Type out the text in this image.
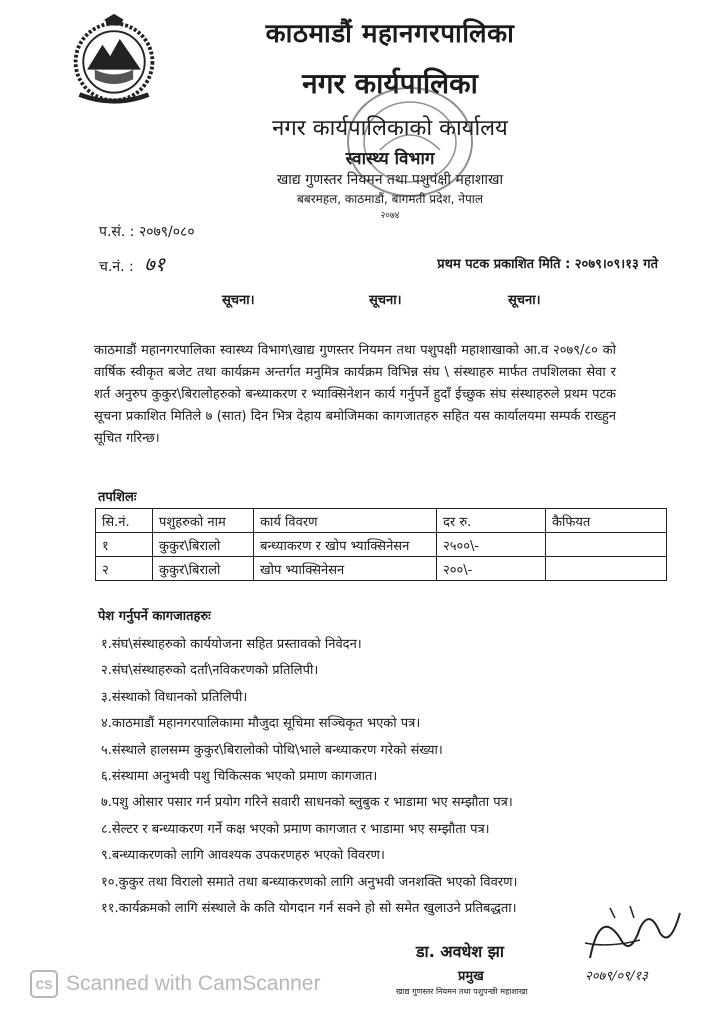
काठमाडौं महानगरपालिका
नगर कार्यपालिका
नगर कार्यपालिकाको कार्यालय
स्वास्थ्य विभाग
खाद्य गुणस्तर नियमन तथा पशुपंक्षी महाशाखा
बबरमहल, काठमाडौं, बागमती प्रदेश, नेपाल
२०७४
प.सं. : २०७९/०८०
च.नं. : ७१	प्रथम पटक प्रकाशित मिति : २०७९।०९।१३ गते
सूचना।	सूचना।	सूचना।
काठमाडौं महानगरपालिका स्वास्थ्य विभाग\खाद्य गुणस्तर नियमन तथा पशुपक्षी महाशाखाको आ.व २०७९/८० को वार्षिक स्वीकृत बजेट तथा कार्यक्रम अन्तर्गत मनुमित्र कार्यक्रम विभिन्न संघ \ संस्थाहरु मार्फत तपशिलका सेवा र शर्त अनुरुप कुकुर\बिरालोहरुको बन्ध्याकरण र भ्याक्सिनेशन कार्य गर्नुपर्ने हुदाँ ईच्छुक संघ संस्थाहरुले प्रथम पटक सूचना प्रकाशित मितिले ७ (सात) दिन भित्र देहाय बमोजिमका कागजातहरु सहित यस कार्यालयमा सम्पर्क राख्हुन सूचित गरिन्छ।
तपशिलः
सि.नं.	पशुहरुको नाम	कार्य विवरण	दर रु.	कैफियत
१	कुकुर\बिरालो	बन्ध्याकरण र खोप भ्याक्सिनेसन	२५००\-	
२	कुकुर\बिरालो	खोप भ्याक्सिनेसन	२००\-	
पेश गर्नुपर्ने कागजातहरुः
१.संघ\संस्थाहरुको कार्ययोजना सहित प्रस्तावको निवेदन।
२.संघ\संस्थाहरुको दर्ता\नविकरणको प्रतिलिपी।
३.संस्थाको विधानको प्रतिलिपी।
४.काठमाडौं महानगरपालिकामा मौजुदा सूचिमा सञ्चिकृत भएको पत्र।
५.संस्थाले हालसम्म कुकुर\बिरालोको पोथि\भाले बन्ध्याकरण गरेको संख्या।
६.संस्थामा अनुभवी पशु चिकित्सक भएको प्रमाण कागजात।
७.पशु ओसार पसार गर्न प्रयोग गरिने सवारी साधनको ब्लुबुक र भाडामा भए सम्झौता पत्र।
८.सेल्टर र बन्ध्याकरण गर्ने कक्ष भएको प्रमाण कागजात र भाडामा भए सम्झौता पत्र।
९.बन्ध्याकरणको लागि आवश्यक उपकरणहरु भएको विवरण।
१०.कुकुर तथा विरालो समाते तथा बन्ध्याकरणको लागि अनुभवी जनशक्ति भएको विवरण।
११.कार्यक्रमको लागि संस्थाले के कति योगदान गर्न सक्ने हो सो समेत खुलाउने प्रतिबद्धता।
२०७९/०९/१३
डा. अवधेश झा
प्रमुख
खाद्य गुणस्तर नियमन तथा पशुपन्छी महाशाखा
CS Scanned with CamScanner
